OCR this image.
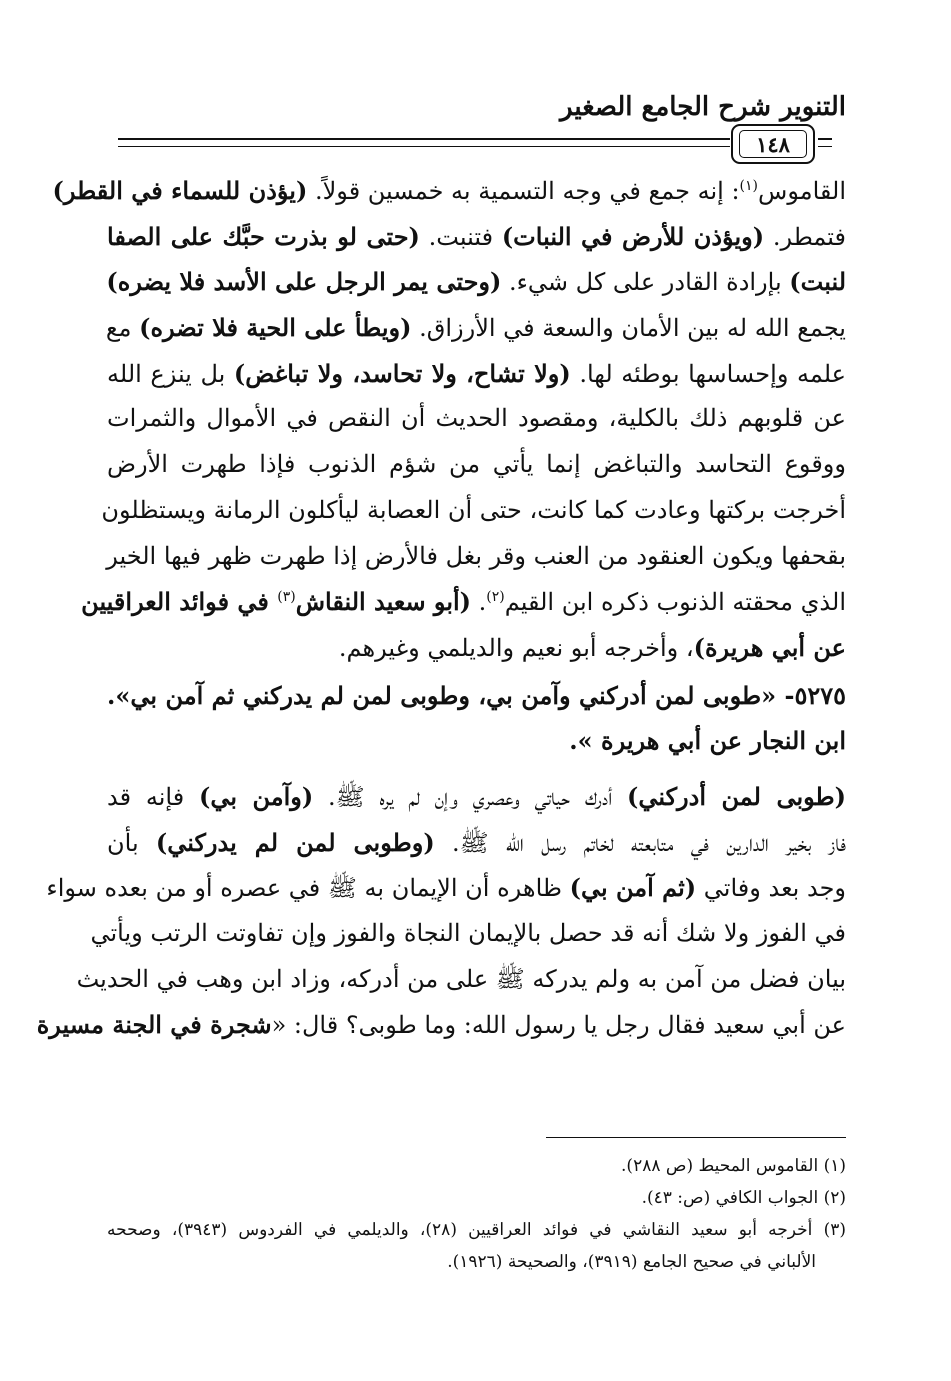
التنوير شرح الجامع الصغير
١٤٨
القاموس$^{(١)}$: إنه جمع في وجه التسمية به خمسين قولاً. (يؤذن للسماء في القطر)
فتمطر. (ويؤذن للأرض في النبات) فتنبت. (حتى لو بذرت حبَّك على الصفا
لنبت) بإرادة القادر على كل شيء. (وحتى يمر الرجل على الأسد فلا يضره)
يجمع الله له بين الأمان والسعة في الأرزاق. (ويطأ على الحية فلا تضره) مع
علمه وإحساسها بوطئه لها. (ولا تشاح، ولا تحاسد، ولا تباغض) بل ينزع الله
عن قلوبهم ذلك بالكلية، ومقصود الحديث أن النقص في الأموال والثمرات
ووقوع التحاسد والتباغض إنما يأتي من شؤم الذنوب فإذا طهرت الأرض
أخرجت بركتها وعادت كما كانت، حتى أن العصابة ليأكلون الرمانة ويستظلون
بقحفها ويكون العنقود من العنب وقر بغل فالأرض إذا طهرت ظهر فيها الخير
الذي محقته الذنوب ذكره ابن القيم$^{(٢)}$. (أبو سعيد النقاش$^{(٣)}$ في فوائد العراقيين
عن أبي هريرة)، وأخرجه أبو نعيم والديلمي وغيرهم.
٥٢٧٥- «طوبى لمن أدركني وآمن بي، وطوبى لمن لم يدركني ثم آمن بي».
ابن النجار عن أبي هريرة ».
(طوبى لمن أدركني) أدرك حياتي وعصري وإن لم يره ﷺ. (وآمن بي) فإنه قد
فاز بخير الدارين في متابعته لخاتم رسل الله ﷺ. (وطوبى لمن لم يدركني) بأن
وجد بعد وفاتي (ثم آمن بي) ظاهره أن الإيمان به ﷺ في عصره أو من بعده سواء
في الفوز ولا شك أنه قد حصل بالإيمان النجاة والفوز وإن تفاوتت الرتب ويأتي
بيان فضل من آمن به ولم يدركه ﷺ على من أدركه، وزاد ابن وهب في الحديث
عن أبي سعيد فقال رجل يا رسول الله: وما طوبى؟ قال: «شجرة في الجنة مسيرة
(١) القاموس المحيط (ص ٢٨٨).
(٢) الجواب الكافي (ص: ٤٣).
(٣) أخرجه أبو سعيد النقاشي في فوائد العراقيين (٢٨)، والديلمي في الفردوس (٣٩٤٣)، وصححه
الألباني في صحيح الجامع (٣٩١٩)، والصحيحة (١٩٢٦).
